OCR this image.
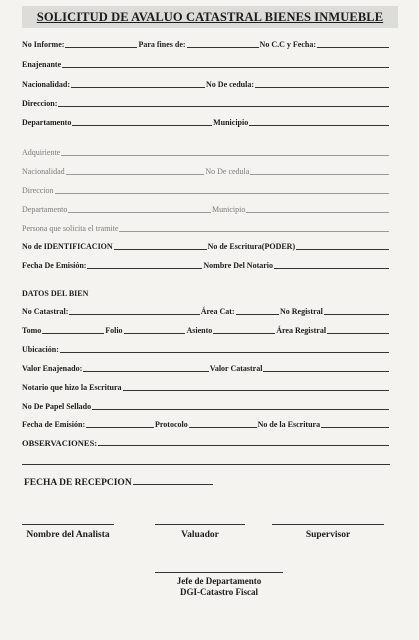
SOLICITUD DE AVALUO CATASTRAL BIENES INMUEBLE
No Informe:	Para fines de:	No C.C y Fecha:
Enajenante
Nacionalidad:	No De cedula:
Direccion:
Departamento	Municipio
Adquiriente
Nacionalidad	No De cedula
Direccion
Departamento	Municipio
Persona que solicita el tramite
No de IDENTIFICACION	No de Escritura(PODER)
Fecha De Emisión:	Nombre Del Notario
DATOS DEL BIEN
No Catastral:	Área Cat:	No Registral
Tomo	Folio	Asiento	Área Registral
Ubicación:
Valor Enajenado:	Valor Catastral
Notario que hizo la Escritura
No De Papel Sellado
Fecha de Emisión:	Protocolo	No de la Escritura
OBSERVACIONES:
FECHA DE RECEPCION
Nombre del Analista	Valuador	Supervisor
Jefe de Departamento
DGI-Catastro Fiscal
